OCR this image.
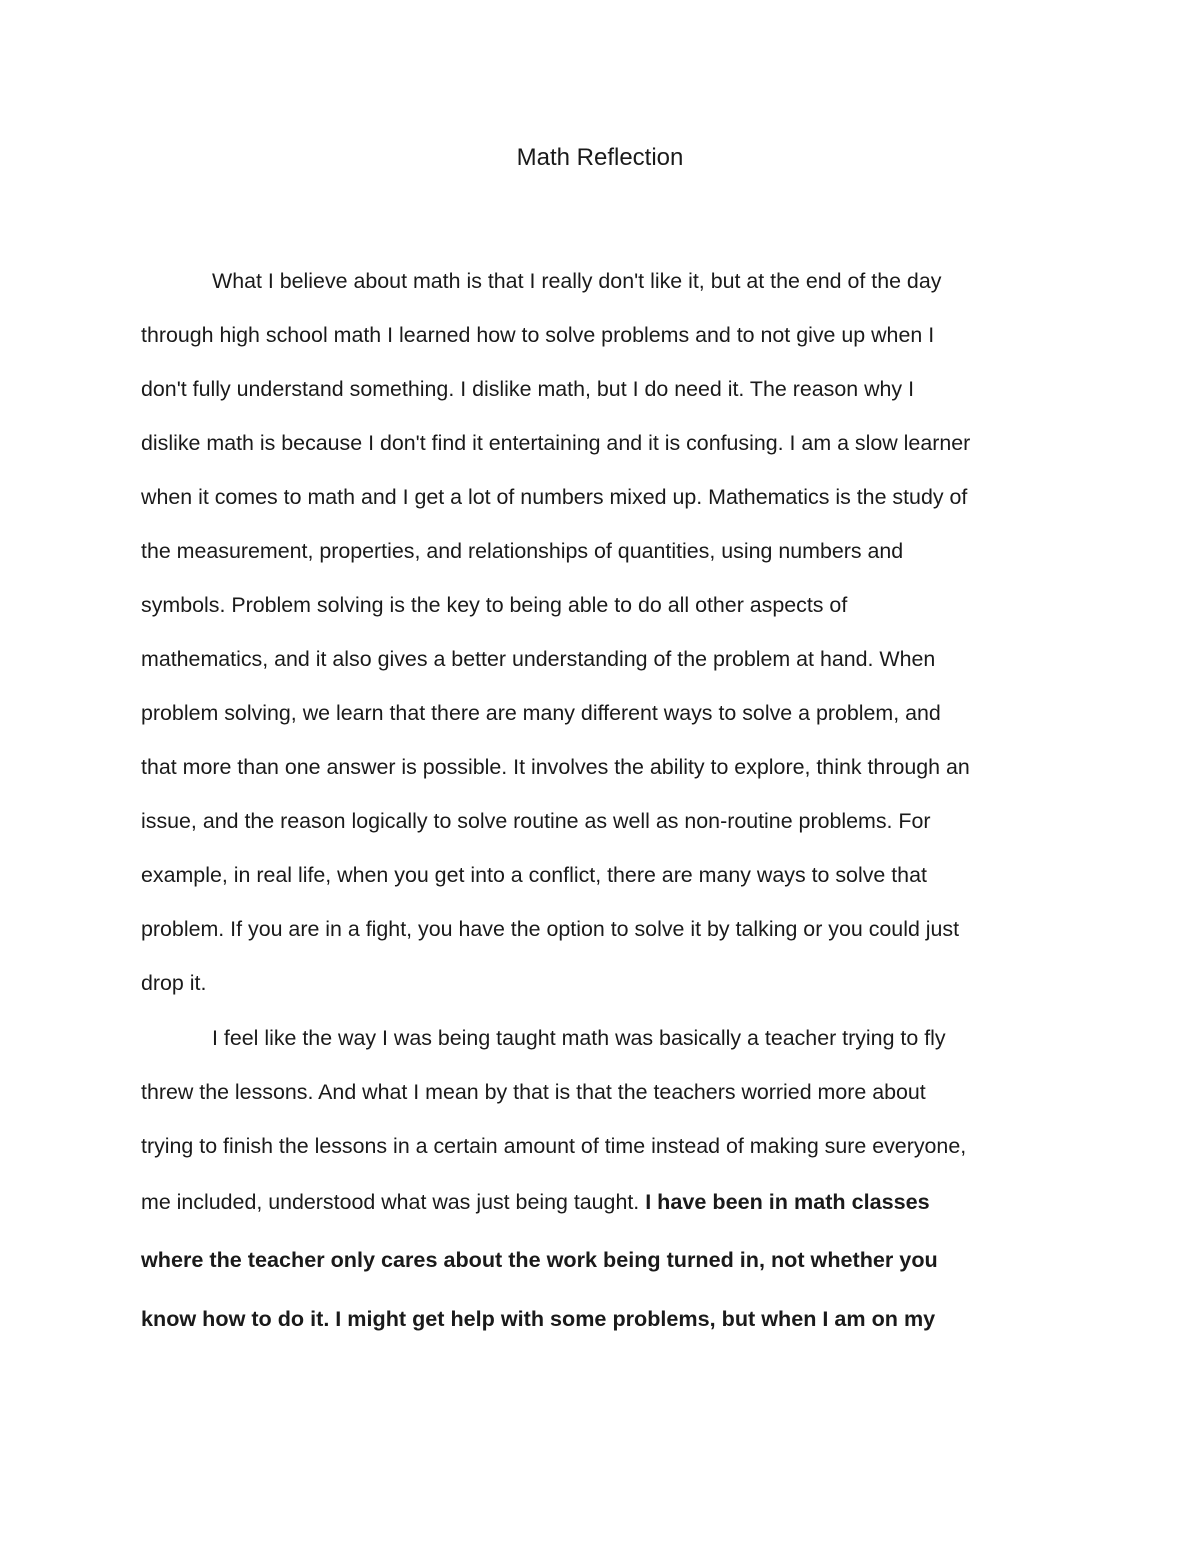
Math Reflection

What I believe about math is that I really don't like it, but at the end of the day

through high school math I learned how to solve problems and to not give up when I

don't fully understand something. I dislike math, but I do need it. The reason why I

dislike math is because I don't find it entertaining and it is confusing. I am a slow learner

when it comes to math and I get a lot of numbers mixed up. Mathematics is the study of

the measurement, properties, and relationships of quantities, using numbers and

symbols. Problem solving is the key to being able to do all other aspects of

mathematics, and it also gives a better understanding of the problem at hand. When

problem solving, we learn that there are many different ways to solve a problem, and

that more than one answer is possible. It involves the ability to explore, think through an

issue, and the reason logically to solve routine as well as non-routine problems. For

example, in real life, when you get into a conflict, there are many ways to solve that

problem. If you are in a fight, you have the option to solve it by talking or you could just

drop it.

I feel like the way I was being taught math was basically a teacher trying to fly

threw the lessons. And what I mean by that is that the teachers worried more about

trying to finish the lessons in a certain amount of time instead of making sure everyone,

me included, understood what was just being taught. I have been in math classes

where the teacher only cares about the work being turned in, not whether you

know how to do it. I might get help with some problems, but when I am on my
